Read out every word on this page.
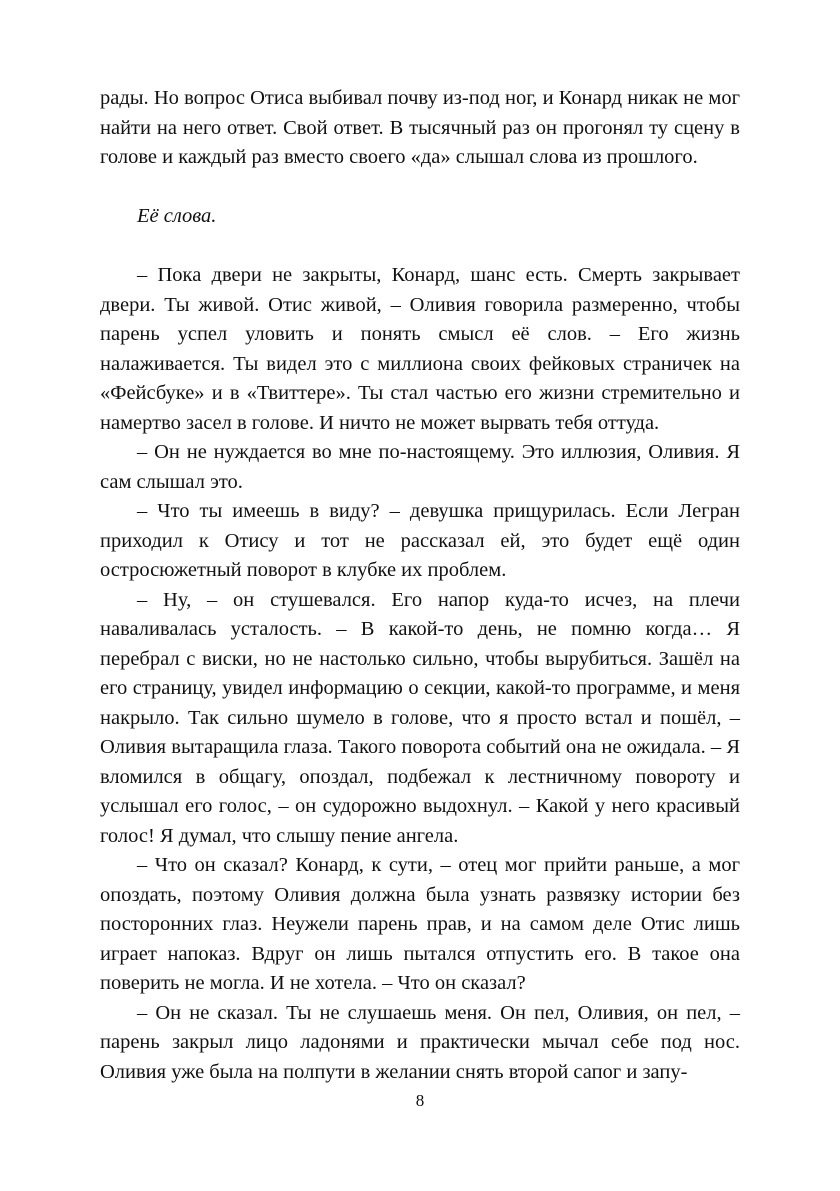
рады. Но вопрос Отиса выбивал почву из-под ног, и Конард никак не мог найти на него ответ. Свой ответ. В тысячный раз он прогонял ту сцену в голове и каждый раз вместо своего «да» слышал слова из прошлого.

Её слова.

– Пока двери не закрыты, Конард, шанс есть. Смерть закрывает двери. Ты живой. Отис живой, – Оливия говорила размеренно, чтобы парень успел уловить и понять смысл её слов. – Его жизнь налаживается. Ты видел это с миллиона своих фейковых страничек на «Фейсбуке» и в «Твиттере». Ты стал частью его жизни стремительно и намертво засел в голове. И ничто не может вырвать тебя оттуда.

– Он не нуждается во мне по-настоящему. Это иллюзия, Оливия. Я сам слышал это.

– Что ты имеешь в виду? – девушка прищурилась. Если Легран приходил к Отису и тот не рассказал ей, это будет ещё один остросюжетный поворот в клубке их проблем.

– Ну, – он стушевался. Его напор куда-то исчез, на плечи наваливалась усталость. – В какой-то день, не помню когда… Я перебрал с виски, но не настолько сильно, чтобы вырубиться. Зашёл на его страницу, увидел информацию о секции, какой-то программе, и меня накрыло. Так сильно шумело в голове, что я просто встал и пошёл, – Оливия вытаращила глаза. Такого поворота событий она не ожидала. – Я вломился в общагу, опоздал, подбежал к лестничному повороту и услышал его голос, – он судорожно выдохнул. – Какой у него красивый голос! Я думал, что слышу пение ангела.

– Что он сказал? Конард, к сути, – отец мог прийти раньше, а мог опоздать, поэтому Оливия должна была узнать развязку истории без посторонних глаз. Неужели парень прав, и на самом деле Отис лишь играет напоказ. Вдруг он лишь пытался отпустить его. В такое она поверить не могла. И не хотела. – Что он сказал?

– Он не сказал. Ты не слушаешь меня. Он пел, Оливия, он пел, – парень закрыл лицо ладонями и практически мычал себе под нос. Оливия уже была на полпути в желании снять второй сапог и запу-

8
